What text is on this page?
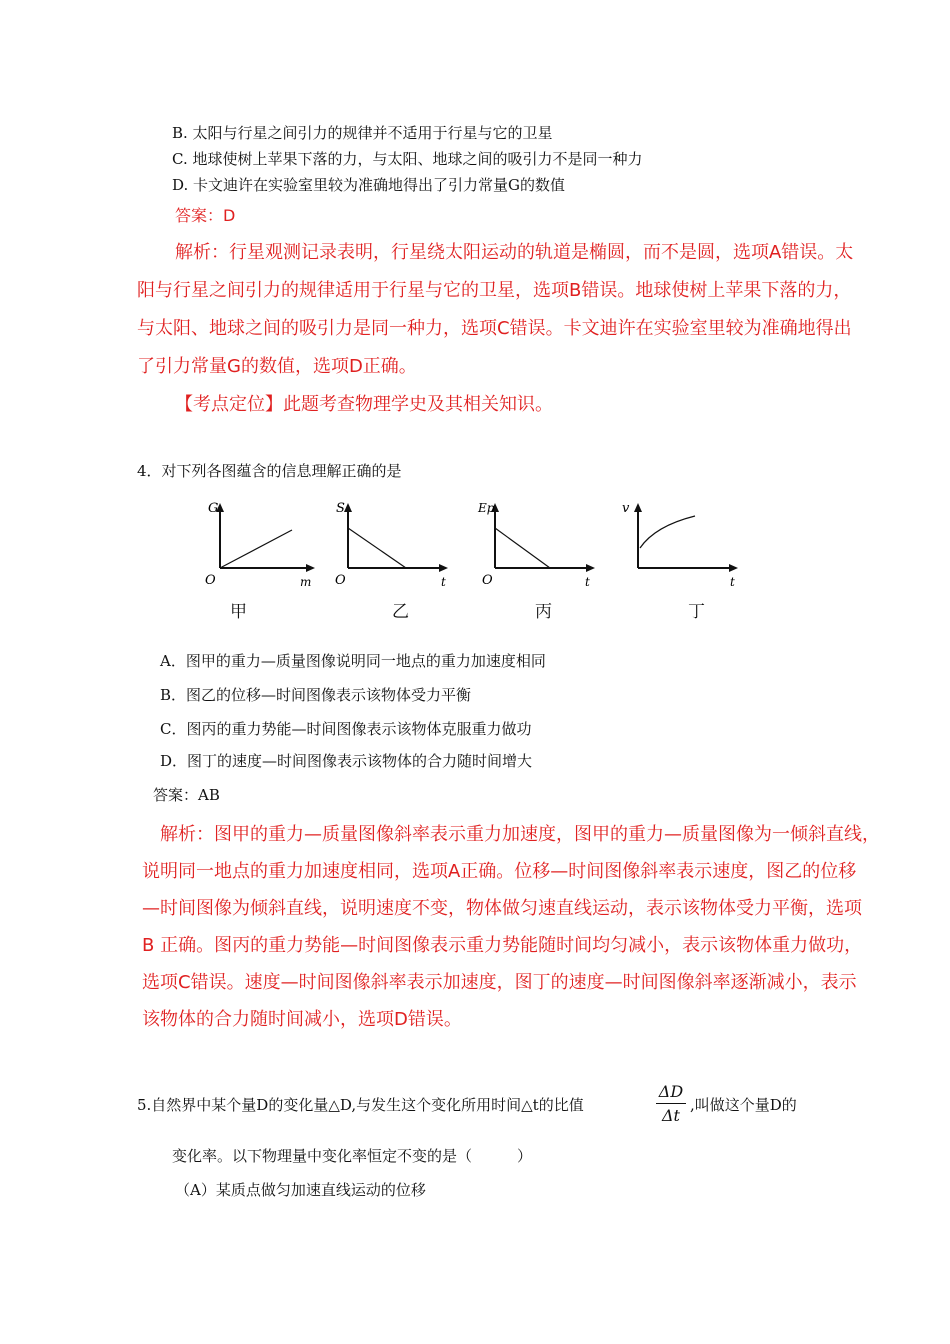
B. 太阳与行星之间引力的规律并不适用于行星与它的卫星
C. 地球使树上苹果下落的力，与太阳、地球之间的吸引力不是同一种力
D. 卡文迪许在实验室里较为准确地得出了引力常量G的数值
答案：D
解析：行星观测记录表明，行星绕太阳运动的轨道是椭圆，而不是圆，选项A错误。太
阳与行星之间引力的规律适用于行星与它的卫星，选项B错误。地球使树上苹果下落的力，
与太阳、地球之间的吸引力是同一种力，选项C错误。卡文迪许在实验室里较为准确地得出
了引力常量G的数值，选项D正确。
【考点定位】此题考查物理学史及其相关知识。
4．对下列各图蕴含的信息理解正确的是
G
O	m
甲
S
O	t
乙
Ep
O	t
丙
v
t
丁
A．图甲的重力—质量图像说明同一地点的重力加速度相同
B．图乙的位移—时间图像表示该物体受力平衡
C．图丙的重力势能—时间图像表示该物体克服重力做功
D．图丁的速度—时间图像表示该物体的合力随时间增大
答案：AB
解析：图甲的重力—质量图像斜率表示重力加速度，图甲的重力—质量图像为一倾斜直线，
说明同一地点的重力加速度相同，选项A正确。位移—时间图像斜率表示速度，图乙的位移
—时间图像为倾斜直线，说明速度不变，物体做匀速直线运动，表示该物体受力平衡，选项
B 正确。图丙的重力势能—时间图像表示重力势能随时间均匀减小，表示该物体重力做功，
选项C错误。速度—时间图像斜率表示加速度，图丁的速度—时间图像斜率逐渐减小，表示
该物体的合力随时间减小，选项D错误。
5.自然界中某个量D的变化量△D,与发生这个变化所用时间△t的比值
ΔD
Δt
,叫做这个量D的
变化率。以下物理量中变化率恒定不变的是（　　　）
（A）某质点做匀加速直线运动的位移
